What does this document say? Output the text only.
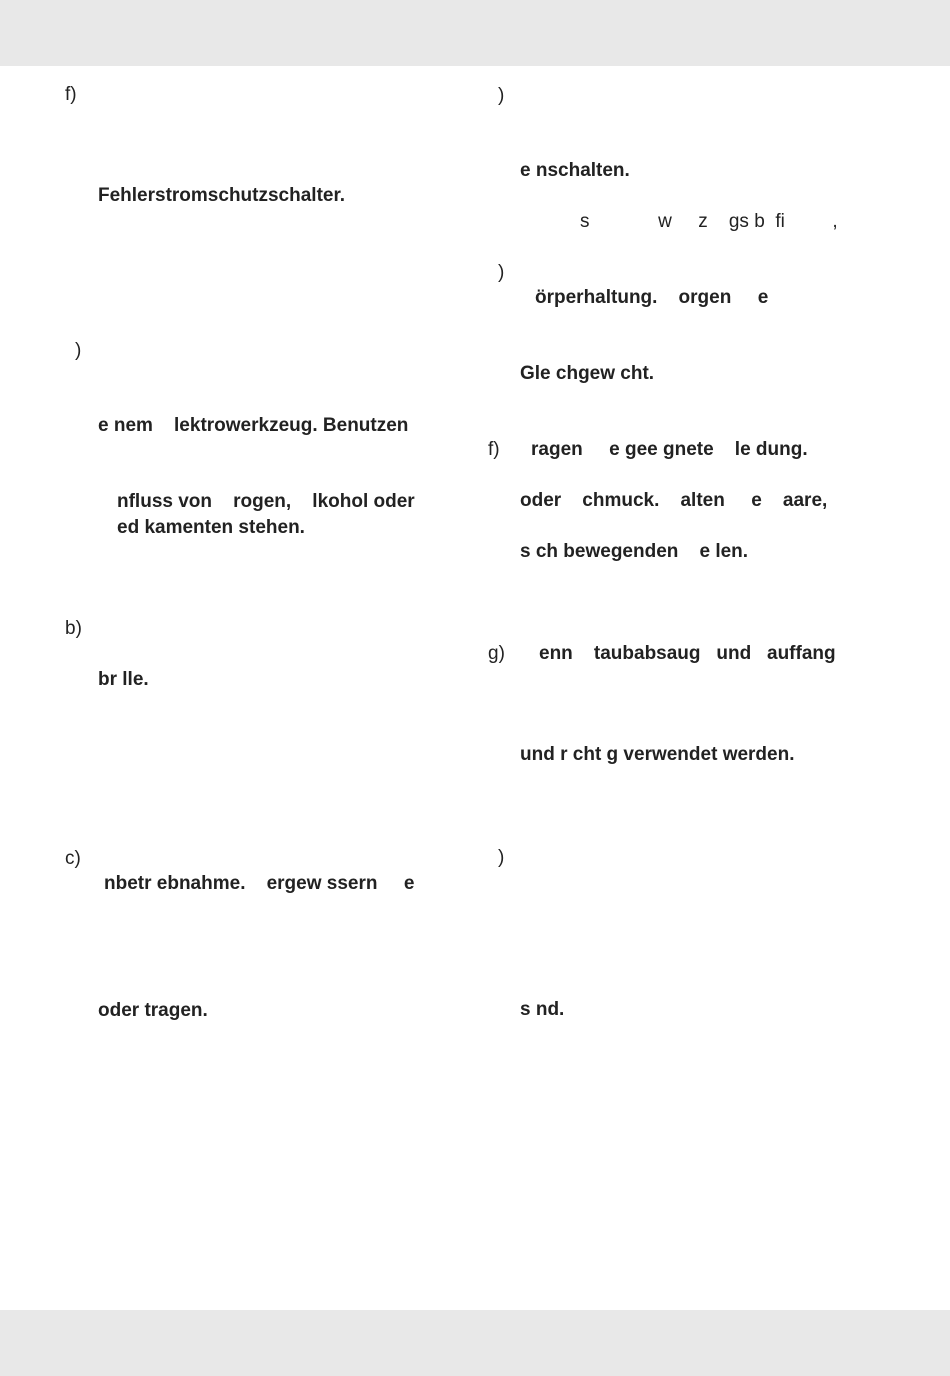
f)
Fehlerstromschutzschalter.
)
e nem    lektrowerkzeug. Benutzen
nfluss von    rogen,    lkohol oder
ed kamenten stehen.
b)
br lle.
c)
nbetr ebnahme.    ergew ssern     e
oder tragen.
)
e nschalten.
s             w     z    gs b  fi         ,
)
örperhaltung.    orgen     e
Gle chgew cht.
f) ragen     e gee gnete    le dung.
oder    chmuck.    alten     e    aare,
s ch bewegenden    e len.
g) enn    taubabsaug   und   auffang
und r cht g verwendet werden.
)
s nd.
